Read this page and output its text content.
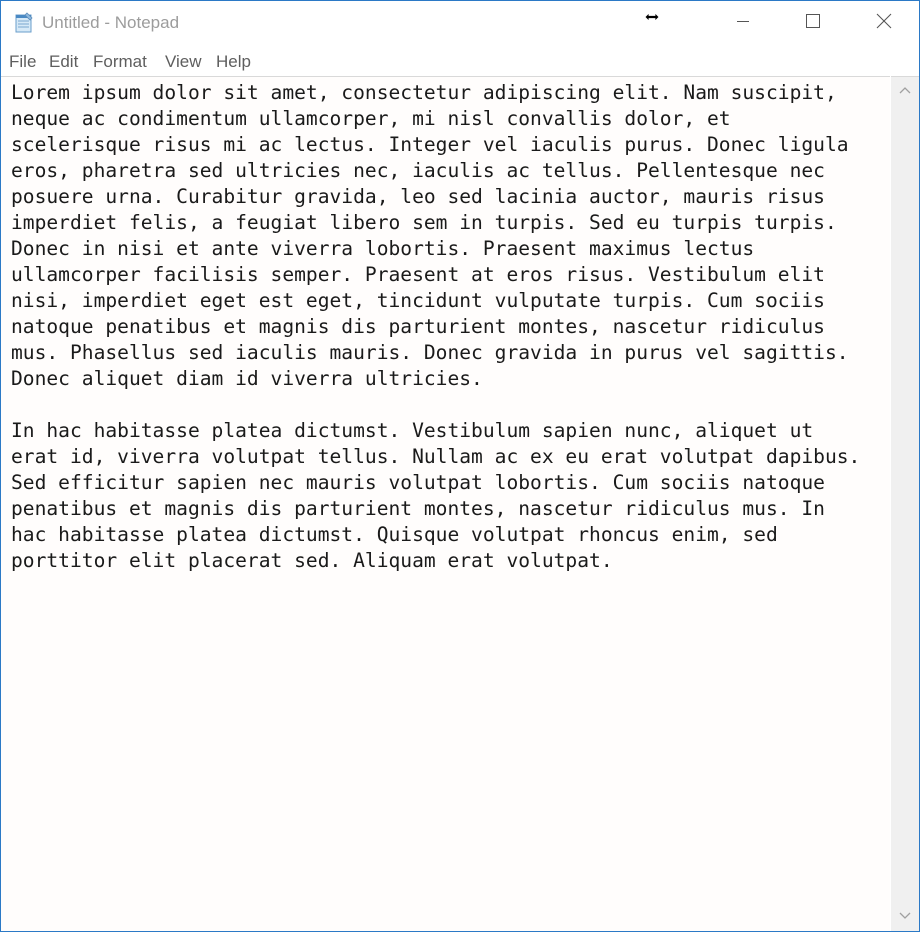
Untitled - Notepad
File Edit Format View Help
Lorem ipsum dolor sit amet, consectetur adipiscing elit. Nam suscipit,
neque ac condimentum ullamcorper, mi nisl convallis dolor, et
scelerisque risus mi ac lectus. Integer vel iaculis purus. Donec ligula
eros, pharetra sed ultricies nec, iaculis ac tellus. Pellentesque nec
posuere urna. Curabitur gravida, leo sed lacinia auctor, mauris risus
imperdiet felis, a feugiat libero sem in turpis. Sed eu turpis turpis.
Donec in nisi et ante viverra lobortis. Praesent maximus lectus
ullamcorper facilisis semper. Praesent at eros risus. Vestibulum elit
nisi, imperdiet eget est eget, tincidunt vulputate turpis. Cum sociis
natoque penatibus et magnis dis parturient montes, nascetur ridiculus
mus. Phasellus sed iaculis mauris. Donec gravida in purus vel sagittis.
Donec aliquet diam id viverra ultricies.

In hac habitasse platea dictumst. Vestibulum sapien nunc, aliquet ut
erat id, viverra volutpat tellus. Nullam ac ex eu erat volutpat dapibus.
Sed efficitur sapien nec mauris volutpat lobortis. Cum sociis natoque
penatibus et magnis dis parturient montes, nascetur ridiculus mus. In
hac habitasse platea dictumst. Quisque volutpat rhoncus enim, sed
porttitor elit placerat sed. Aliquam erat volutpat.
